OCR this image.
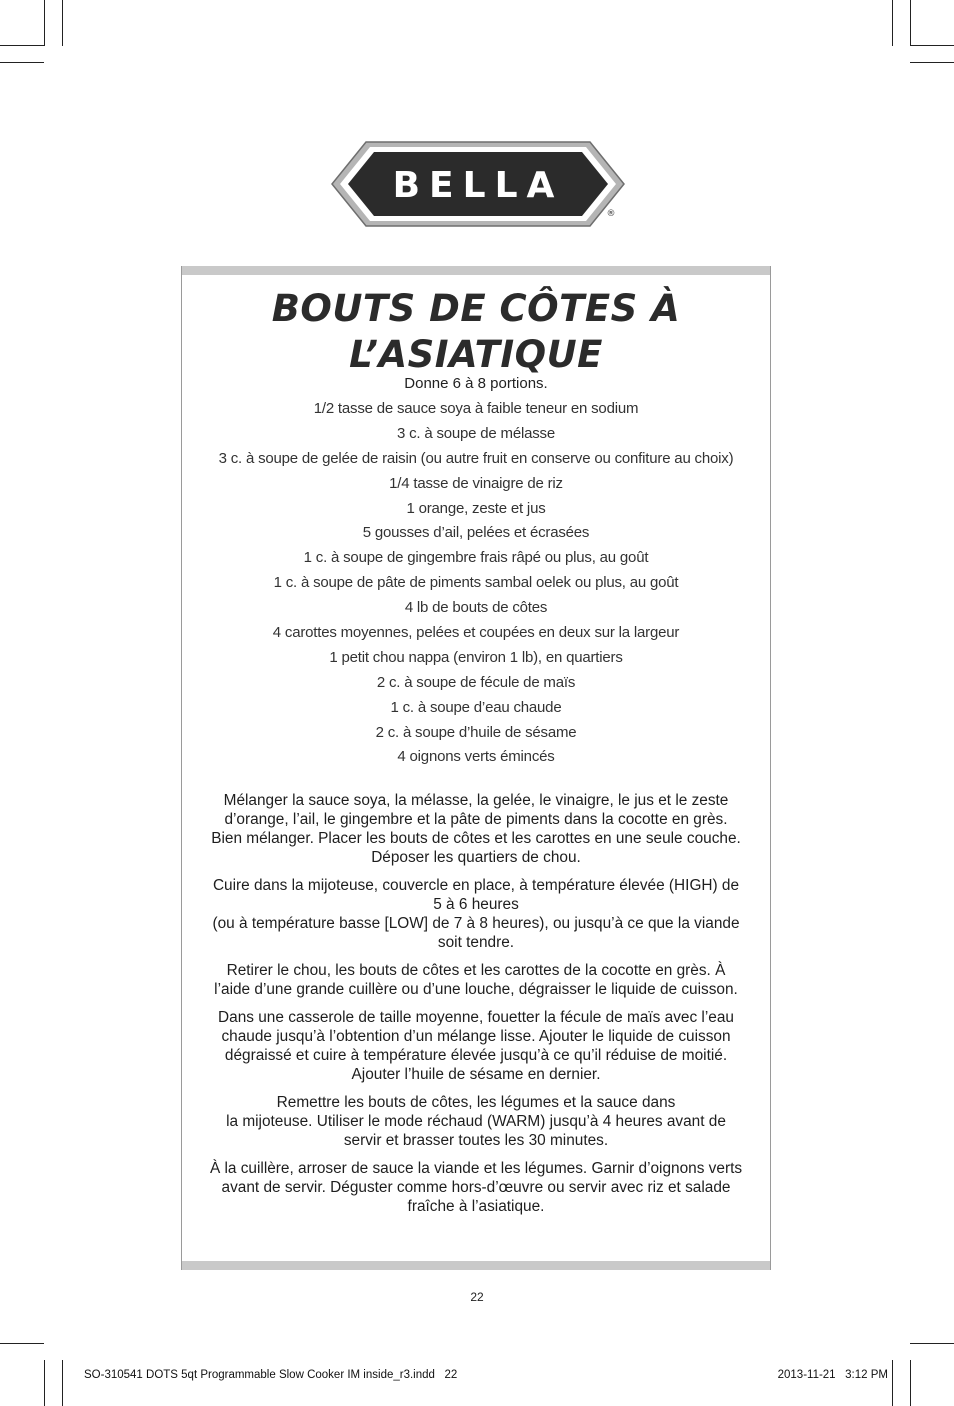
BELLA
®
BOUTS DE CÔTES À
L’ASIATIQUE
Donne 6 à 8 portions.
1/2 tasse de sauce soya à faible teneur en sodium
3 c. à soupe de mélasse
3 c. à soupe de gelée de raisin (ou autre fruit en conserve ou confiture au choix)
1/4 tasse de vinaigre de riz
1 orange, zeste et jus
5 gousses d’ail, pelées et écrasées
1 c. à soupe de gingembre frais râpé ou plus, au goût
1 c. à soupe de pâte de piments sambal oelek ou plus, au goût
4 lb de bouts de côtes
4 carottes moyennes, pelées et coupées en deux sur la largeur
1 petit chou nappa (environ 1 lb), en quartiers
2 c. à soupe de fécule de maïs
1 c. à soupe d’eau chaude
2 c. à soupe d’huile de sésame
4 oignons verts émincés

Mélanger la sauce soya, la mélasse, la gelée, le vinaigre, le jus et le zeste d’orange, l’ail, le gingembre et la pâte de piments dans la cocotte en grès. Bien mélanger. Placer les bouts de côtes et les carottes en une seule couche. Déposer les quartiers de chou.

Cuire dans la mijoteuse, couvercle en place, à température élevée (HIGH) de 5 à 6 heures
(ou à température basse [LOW] de 7 à 8 heures), ou jusqu’à ce que la viande soit tendre.

Retirer le chou, les bouts de côtes et les carottes de la cocotte en grès. À l’aide d’une grande cuillère ou d’une louche, dégraisser le liquide de cuisson.

Dans une casserole de taille moyenne, fouetter la fécule de maïs avec l’eau chaude jusqu’à l’obtention d’un mélange lisse. Ajouter le liquide de cuisson dégraissé et cuire à température élevée jusqu’à ce qu’il réduise de moitié. Ajouter l’huile de sésame en dernier.

Remettre les bouts de côtes, les légumes et la sauce dans
la mijoteuse. Utiliser le mode réchaud (WARM) jusqu’à 4 heures avant de servir et brasser toutes les 30 minutes.

À la cuillère, arroser de sauce la viande et les légumes. Garnir d’oignons verts avant de servir. Déguster comme hors-d’œuvre ou servir avec riz et salade fraîche à l’asiatique.

22
SO-310541 DOTS 5qt Programmable Slow Cooker IM inside_r3.indd   22	2013-11-21   3:12 PM
